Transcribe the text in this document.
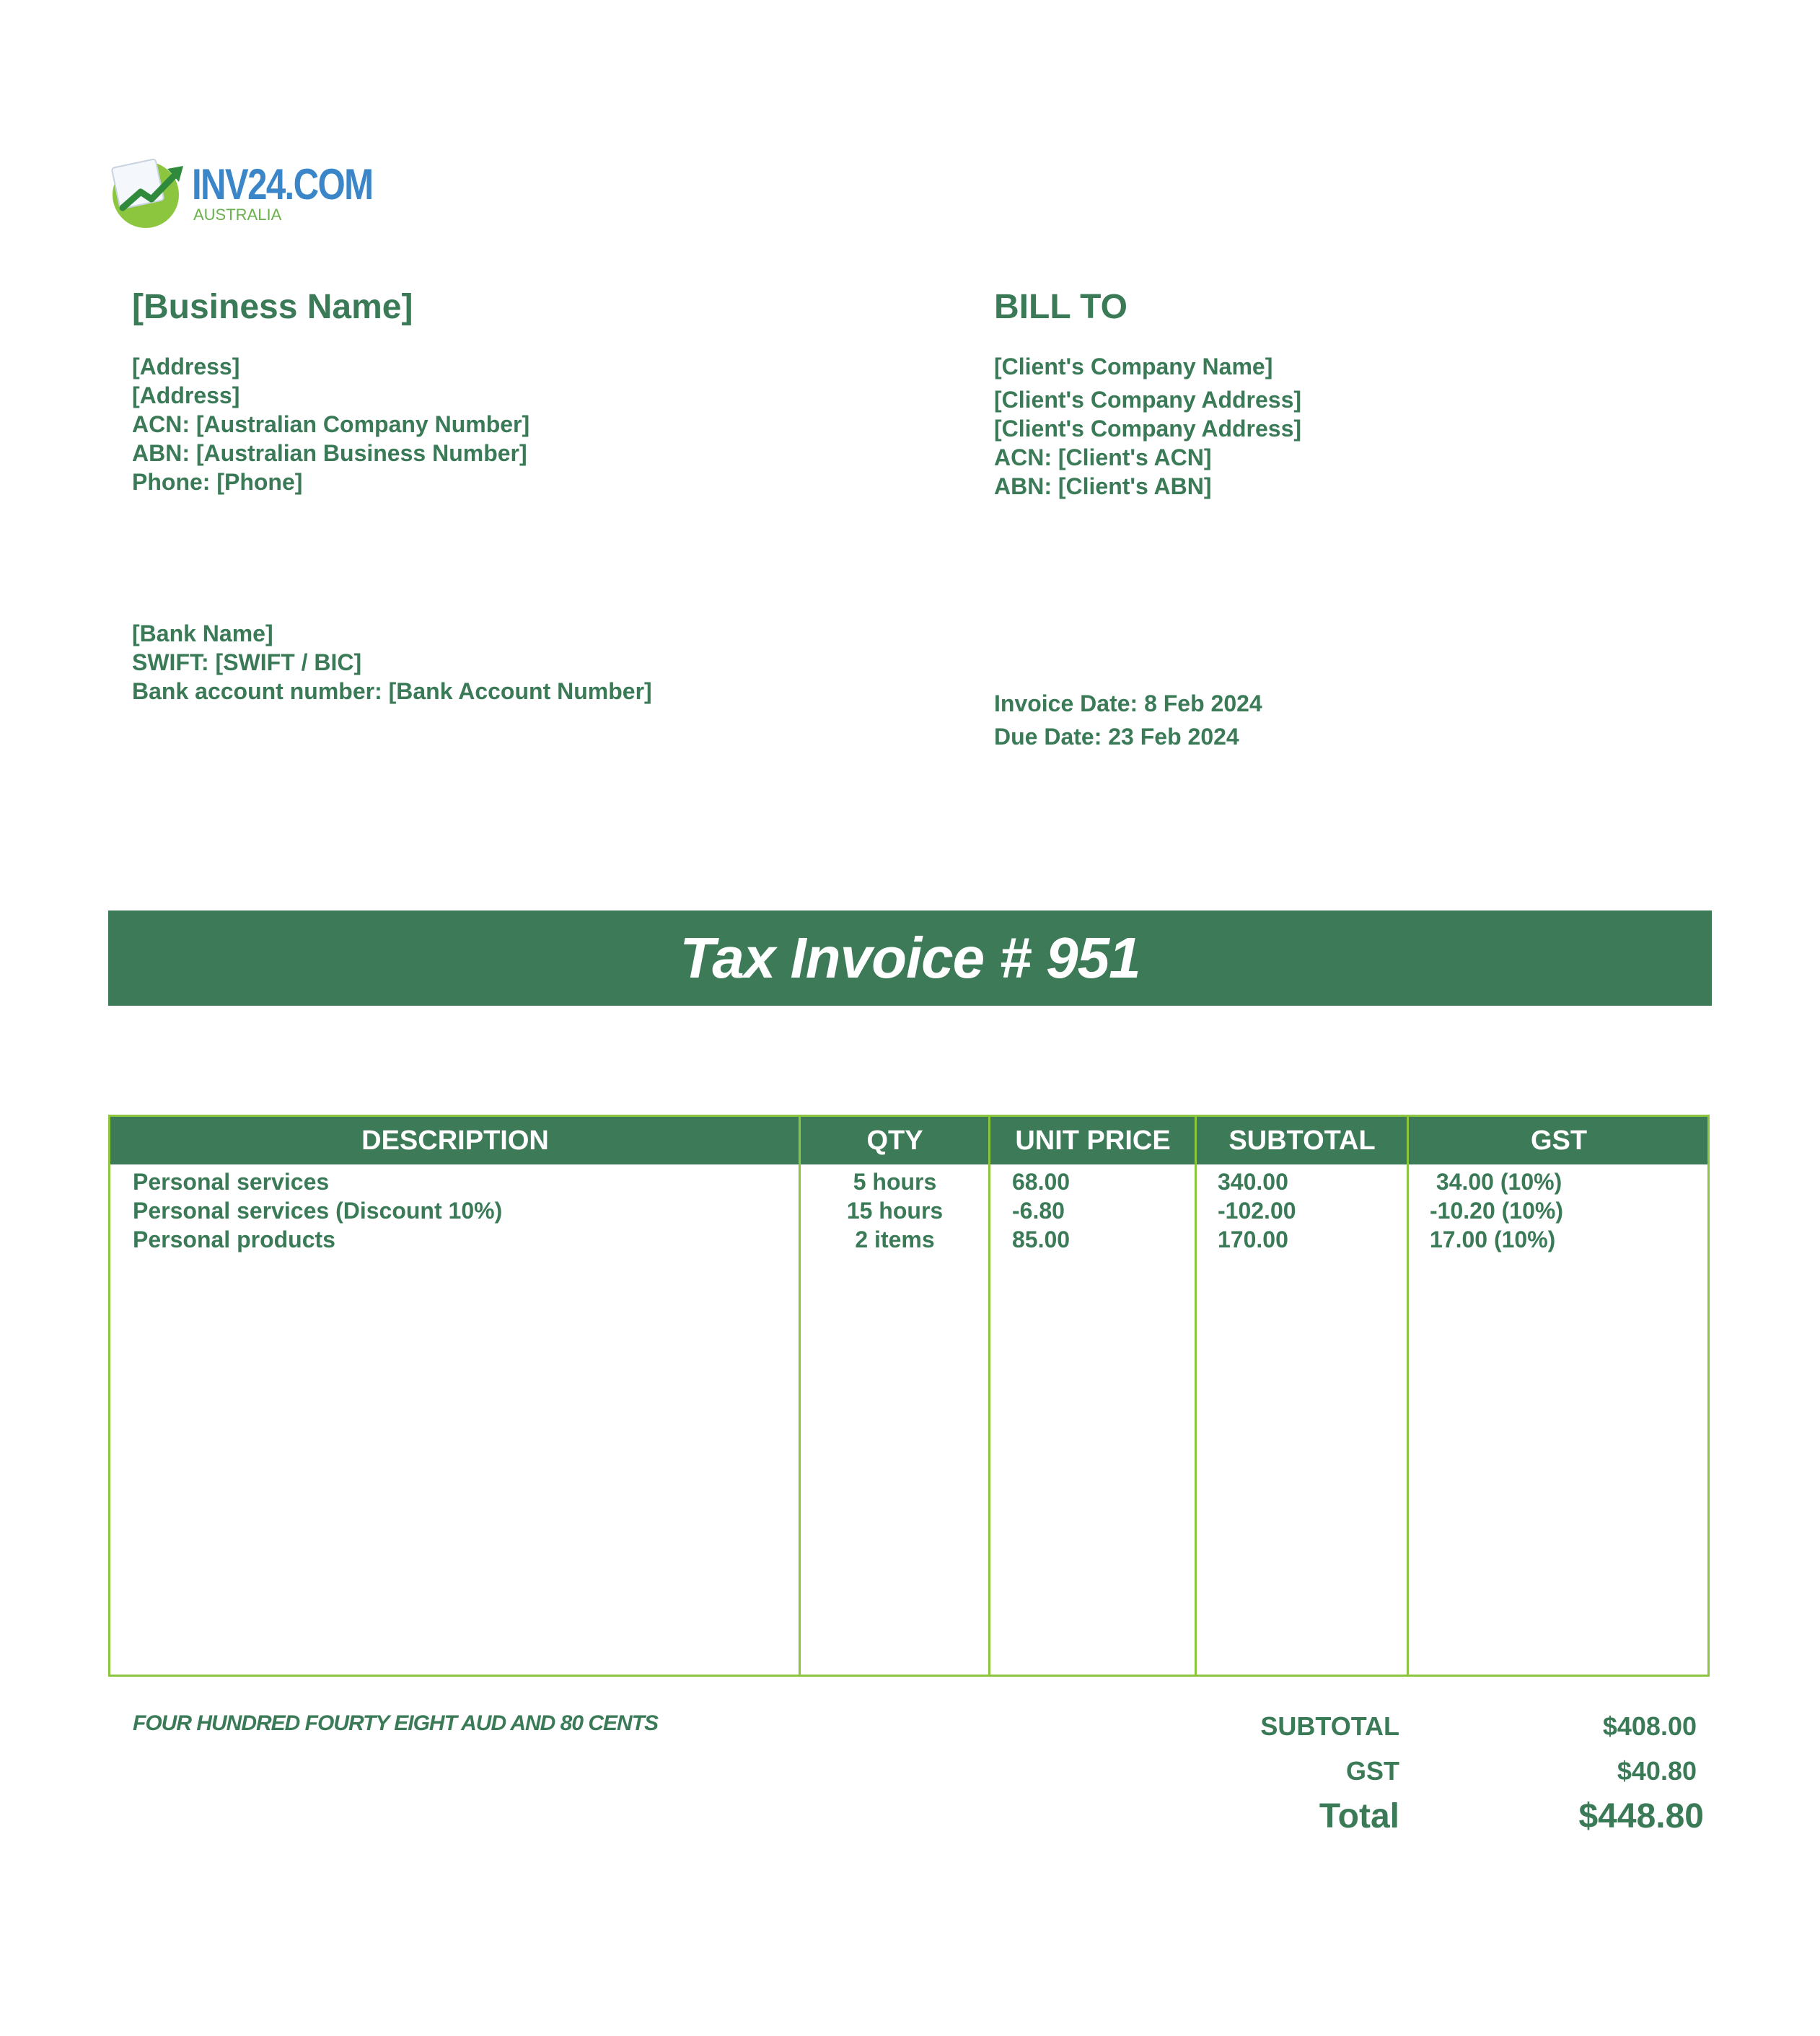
INV24.COM
AUSTRALIA
[Business Name]
[Address]
[Address]
ACN: [Australian Company Number]
ABN: [Australian Business Number]
Phone: [Phone]
[Bank Name]
SWIFT: [SWIFT / BIC]
Bank account number: [Bank Account Number]
BILL TO
[Client's Company Name]
[Client's Company Address]
[Client's Company Address]
ACN: [Client's ACN]
ABN: [Client's ABN]
Invoice Date: 8 Feb 2024
Due Date: 23 Feb 2024
Tax Invoice # 951
DESCRIPTION	QTY	UNIT PRICE	SUBTOTAL	GST
Personal services	5 hours	68.00	340.00	34.00 (10%)
Personal services (Discount 10%)	15 hours	-6.80	-102.00	-10.20 (10%)
Personal products	2 items	85.00	170.00	17.00 (10%)
FOUR HUNDRED FOURTY EIGHT AUD AND 80 CENTS	SUBTOTAL	$408.00
GST	$40.80
Total	$448.80
